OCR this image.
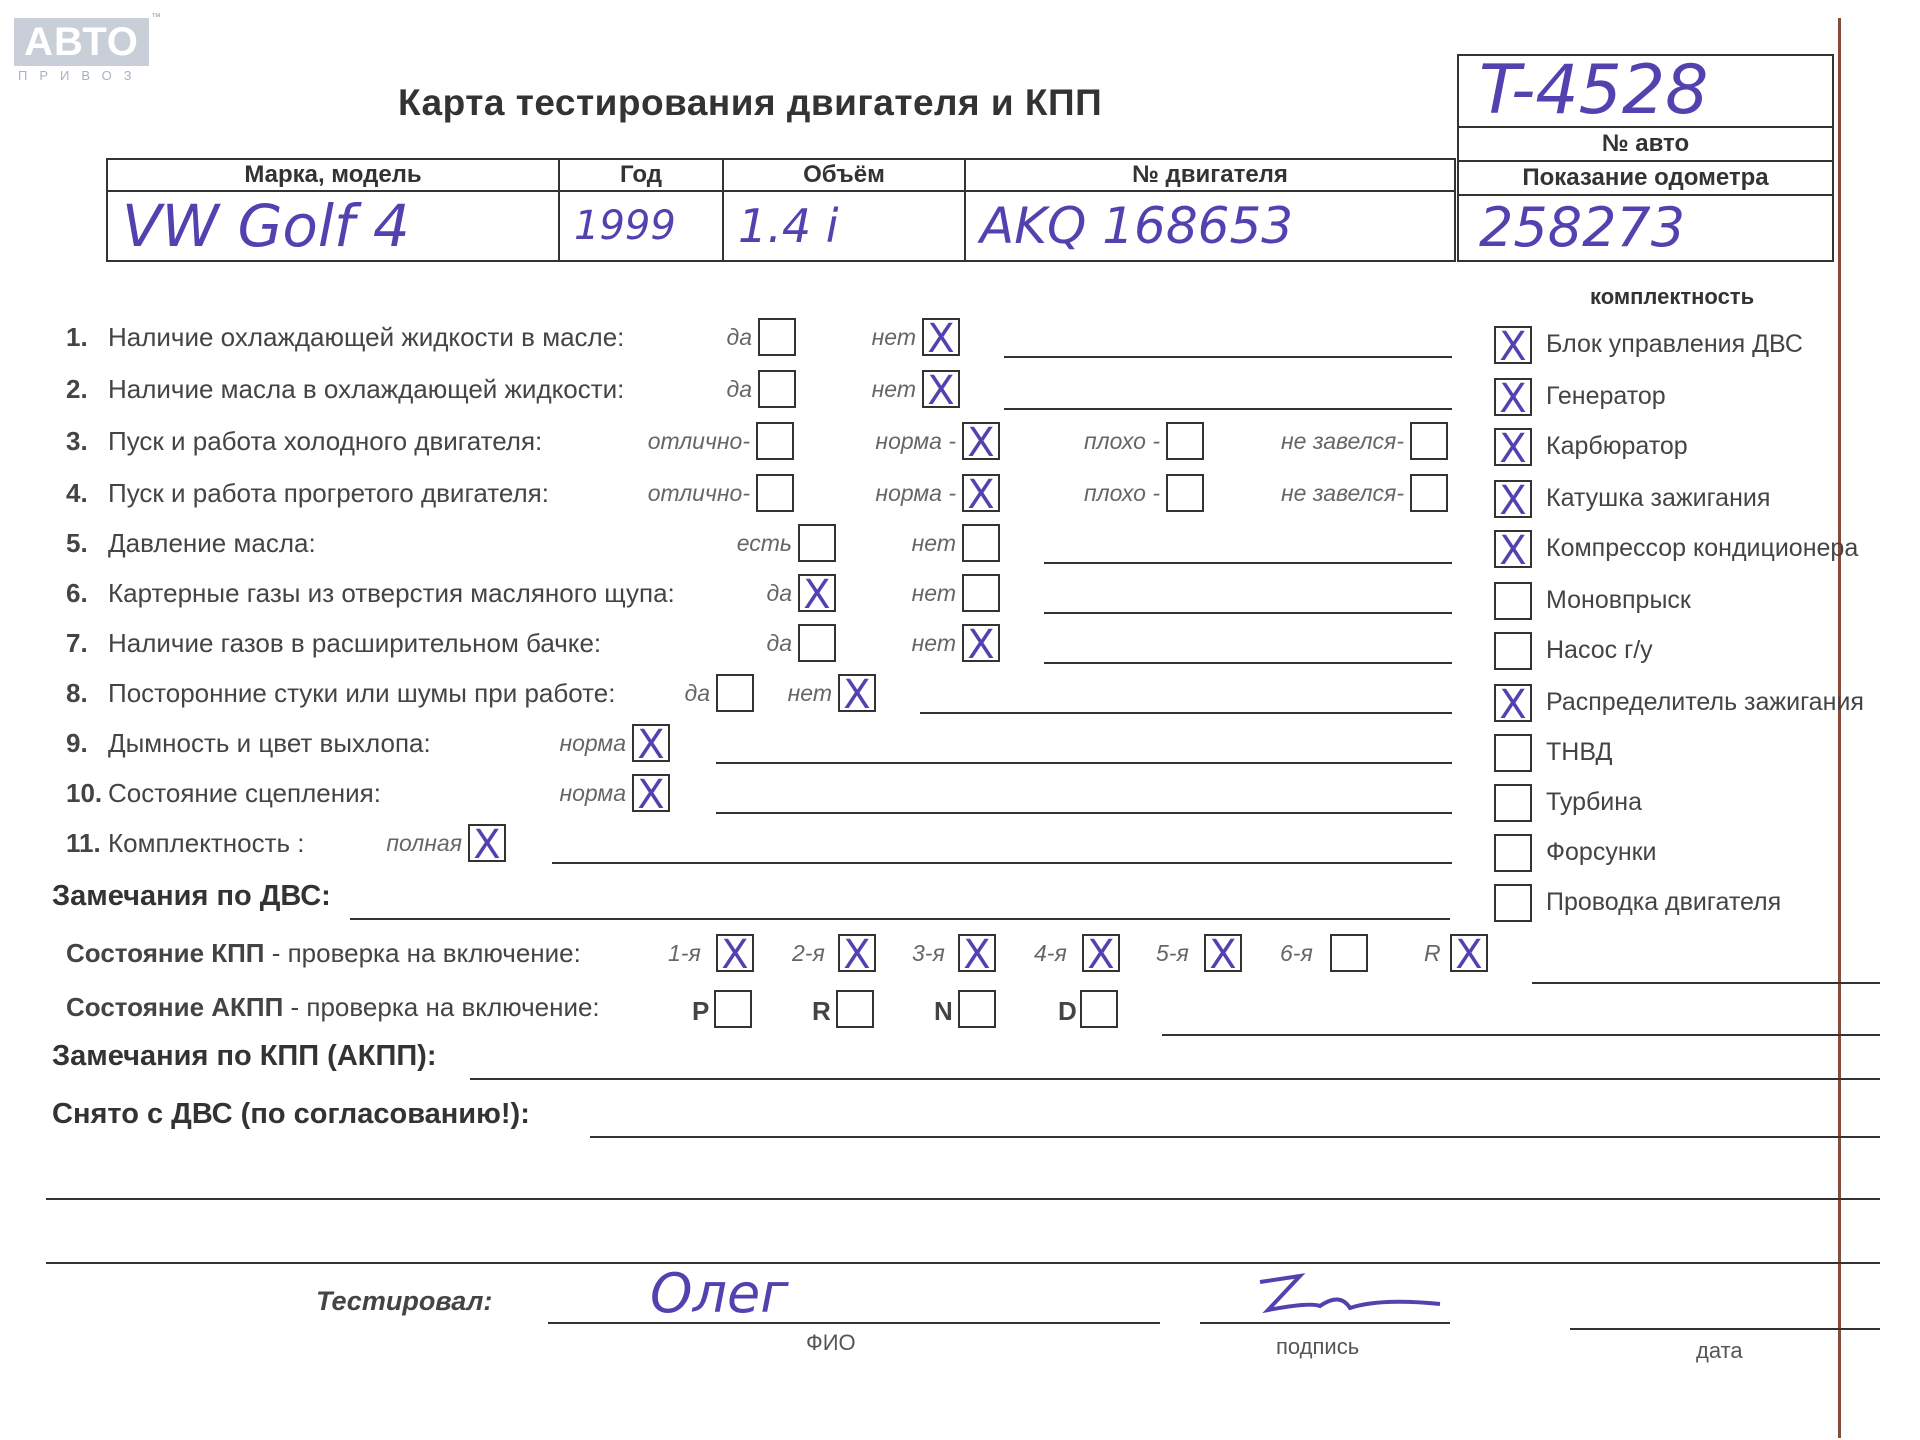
АВТО
™
ПРИВОЗ
Карта тестирования двигателя и КПП	T-4528
№ авто
Показание одометра
258273
Марка, модель	Год	Объём	№ двигателя
VW Golf 4	1999	1.4 i	AKQ 168653
1. Наличие охлаждающей жидкости в масле:	да	нет X
2. Наличие масла в охлаждающей жидкости:	да	нет X
3. Пуск и работа холодного двигателя:	отлично-	норма - X	плохо -	не завелся-
4. Пуск и работа прогретого двигателя:	отлично-	норма - X	плохо -	не завелся-
5. Давление масла:	есть	нет
6. Картерные газы из отверстия масляного щупа:	да X	нет
7. Наличие газов в расширительном бачке:	да	нет X
8. Посторонние стуки или шумы при работе:	да	нет X
9. Дымность и цвет выхлопа:	норма X
10. Состояние сцепления:	норма X
11. Комплектность :	полная X
комплектность
X Блок управления ДВС
X Генератор
X Карбюратор
X Катушка зажигания
X Компрессор кондиционера
Моновпрыск
Насос г/у
X Распределитель зажигания
ТНВД
Турбина
Форсунки
Проводка двигателя
Замечания по ДВС:
Состояние КПП - проверка на включение:	1-я X 2-я X 3-я X 4-я X 5-я X 6-я	R X
Состояние АКПП - проверка на включение:	P	R	N	D
Замечания по КПП (АКПП):
Снято с ДВС (по согласованию!):
Тестировал:	Олег
ФИО	подпись	дата
